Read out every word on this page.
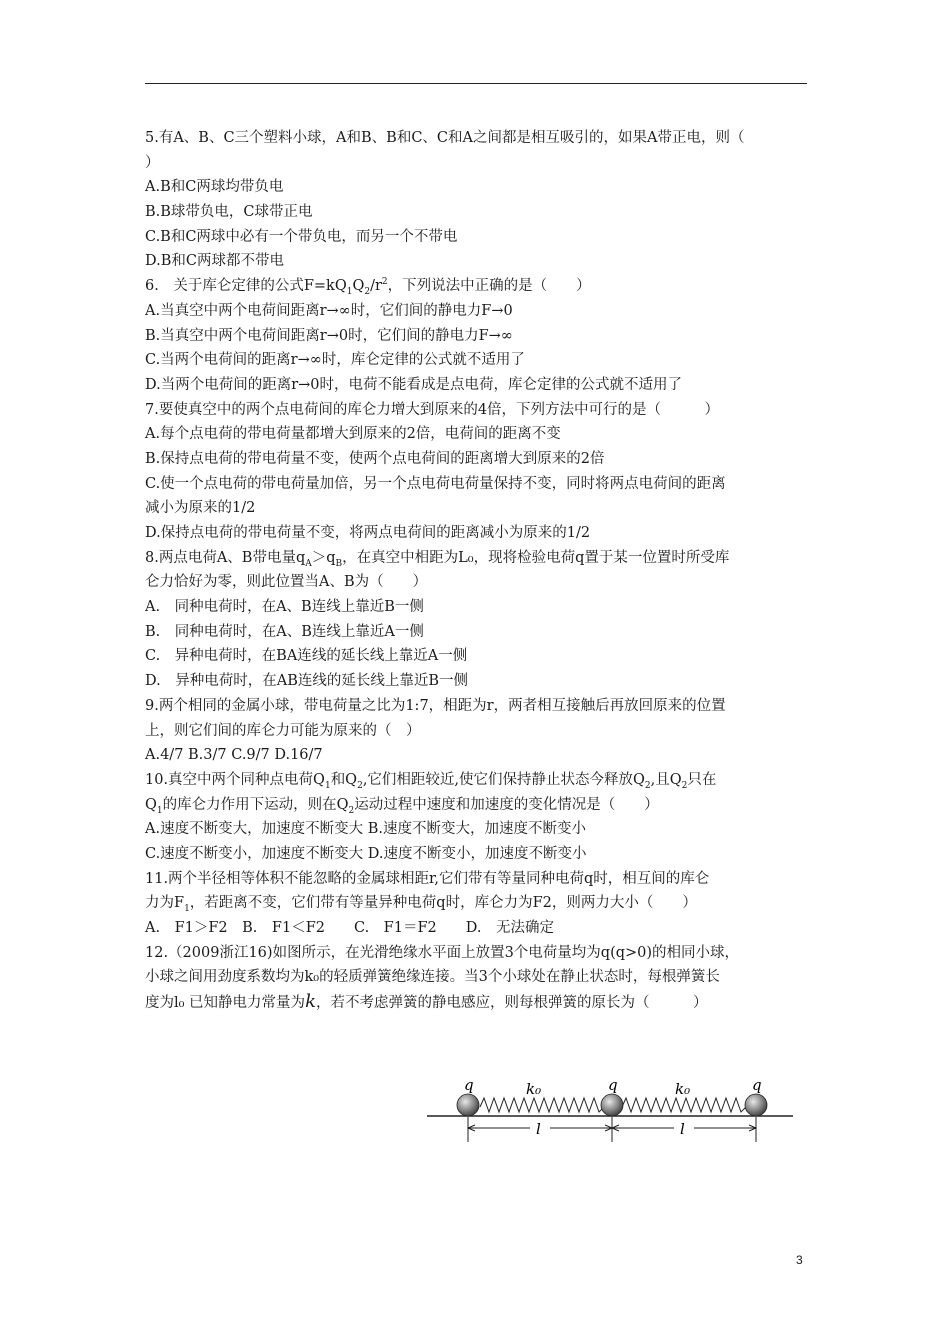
5.有A、B、C三个塑料小球，A和B、B和C、C和A之间都是相互吸引的，如果A带正电，则（
）
A.B和C两球均带负电
B.B球带负电，C球带正电
C.B和C两球中必有一个带负电，而另一个不带电
D.B和C两球都不带电
6.　关于库仑定律的公式$F=kQ_1Q_2/r^2$，下列说法中正确的是（　　）
A.当真空中两个电荷间距离r→∞时，它们间的静电力F→0
B.当真空中两个电荷间距离r→0时，它们间的静电力F→∞
C.当两个电荷间的距离r→∞时，库仑定律的公式就不适用了
D.当两个电荷间的距离r→0时，电荷不能看成是点电荷，库仑定律的公式就不适用了
7.要使真空中的两个点电荷间的库仑力增大到原来的4倍，下列方法中可行的是（　　　）
A.每个点电荷的带电荷量都增大到原来的2倍，电荷间的距离不变
B.保持点电荷的带电荷量不变，使两个点电荷间的距离增大到原来的2倍
C.使一个点电荷的带电荷量加倍，另一个点电荷电荷量保持不变，同时将两点电荷间的距离
减小为原来的1/2
D.保持点电荷的带电荷量不变，将两点电荷间的距离减小为原来的1/2
8.两点电荷A、B带电量$q_A>q_B$，在真空中相距为L₀，现将检验电荷q置于某一位置时所受库
仑力恰好为零，则此位置当A、B为（　　）
A.　同种电荷时，在A、B连线上靠近B一侧
B.　同种电荷时，在A、B连线上靠近A一侧
C.　异种电荷时，在BA连线的延长线上靠近A一侧
D.　异种电荷时，在AB连线的延长线上靠近B一侧
9.两个相同的金属小球，带电荷量之比为1:7，相距为r，两者相互接触后再放回原来的位置
上，则它们间的库仑力可能为原来的（　）
A.4/7 B.3/7 C.9/7 D.16/7
10.真空中两个同种点电荷$Q_1$和$Q_2$,它们相距较近,使它们保持静止状态今释放$Q_2$,且$Q_2$只在
$Q_1$的库仑力作用下运动，则在$Q_2$运动过程中速度和加速度的变化情况是（　　）
A.速度不断变大，加速度不断变大 B.速度不断变大，加速度不断变小
C.速度不断变小，加速度不断变大 D.速度不断变小，加速度不断变小
11.两个半径相等体积不能忽略的金属球相距r,它们带有等量同种电荷q时，相互间的库仑
力为$F_1$，若距离不变，它们带有等量异种电荷q时，库仑力为F2，则两力大小（　　）
A.　F1＞F2　B.　F1＜F2　　C.　F1＝F2　　D.　无法确定
12.（2009浙江16)如图所示，在光滑绝缘水平面上放置3个电荷量均为q(q>0)的相同小球，
小球之间用劲度系数均为k₀的轻质弹簧绝缘连接。当3个小球处在静止状态时，每根弹簧长
度为l₀ 已知静电力常量为k，若不考虑弹簧的静电感应，则每根弹簧的原长为（　　　）
q	q	q
k₀	k₀
l	l
3
